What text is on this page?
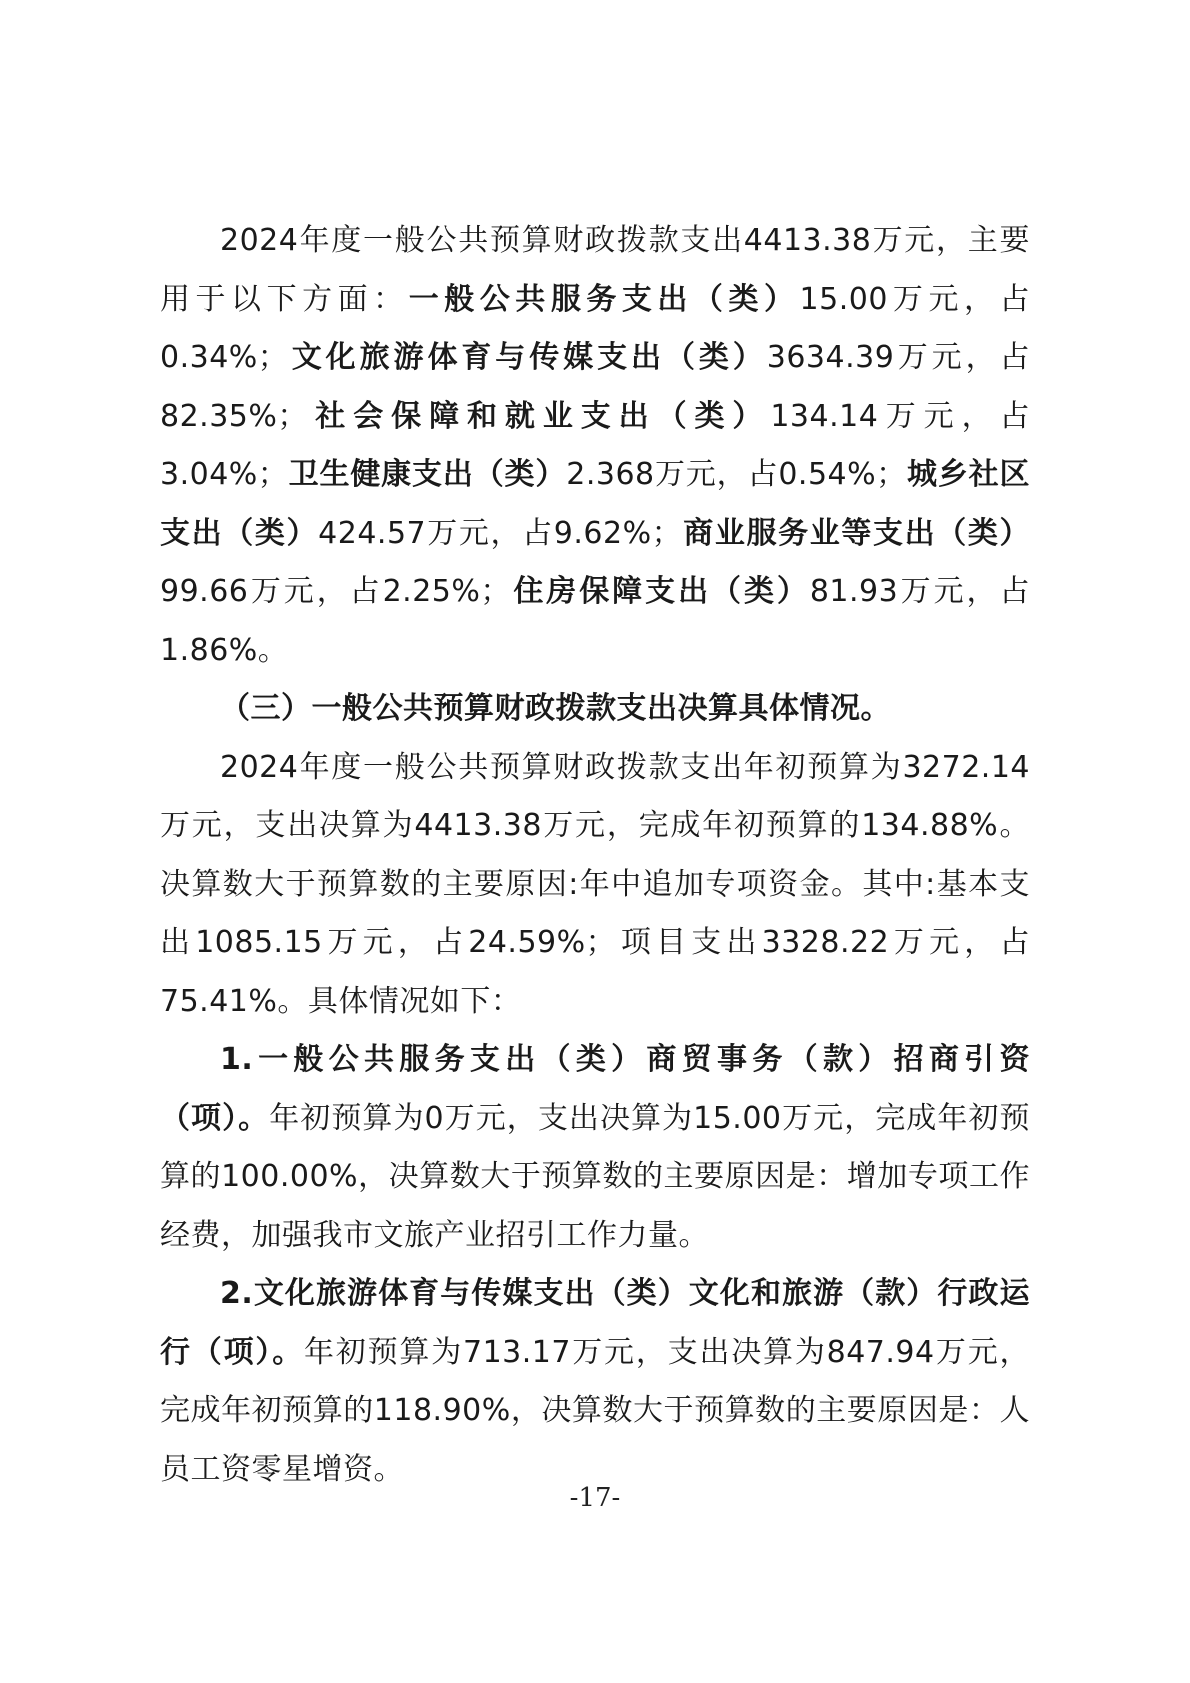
2024年度一般公共预算财政拨款支出4413.38万元，主要用于以下方面：一般公共服务支出（类）15.00万元，占0.34%；文化旅游体育与传媒支出（类）3634.39万元，占82.35%；社会保障和就业支出（类）134.14万元，占3.04%；卫生健康支出（类）2.368万元，占0.54%；城乡社区支出（类）424.57万元，占9.62%；商业服务业等支出（类）99.66万元，占2.25%；住房保障支出（类）81.93万元，占1.86%。

（三）一般公共预算财政拨款支出决算具体情况。

2024年度一般公共预算财政拨款支出年初预算为3272.14万元，支出决算为4413.38万元，完成年初预算的134.88%。决算数大于预算数的主要原因:年中追加专项资金。其中:基本支出1085.15万元，占24.59%；项目支出3328.22万元，占75.41%。具体情况如下：

1.一般公共服务支出（类）商贸事务（款）招商引资（项）。年初预算为0万元，支出决算为15.00万元，完成年初预算的100.00%，决算数大于预算数的主要原因是：增加专项工作经费，加强我市文旅产业招引工作力量。

2.文化旅游体育与传媒支出（类）文化和旅游（款）行政运行（项）。年初预算为713.17万元，支出决算为847.94万元，完成年初预算的118.90%，决算数大于预算数的主要原因是：人员工资零星增资。

-17-
